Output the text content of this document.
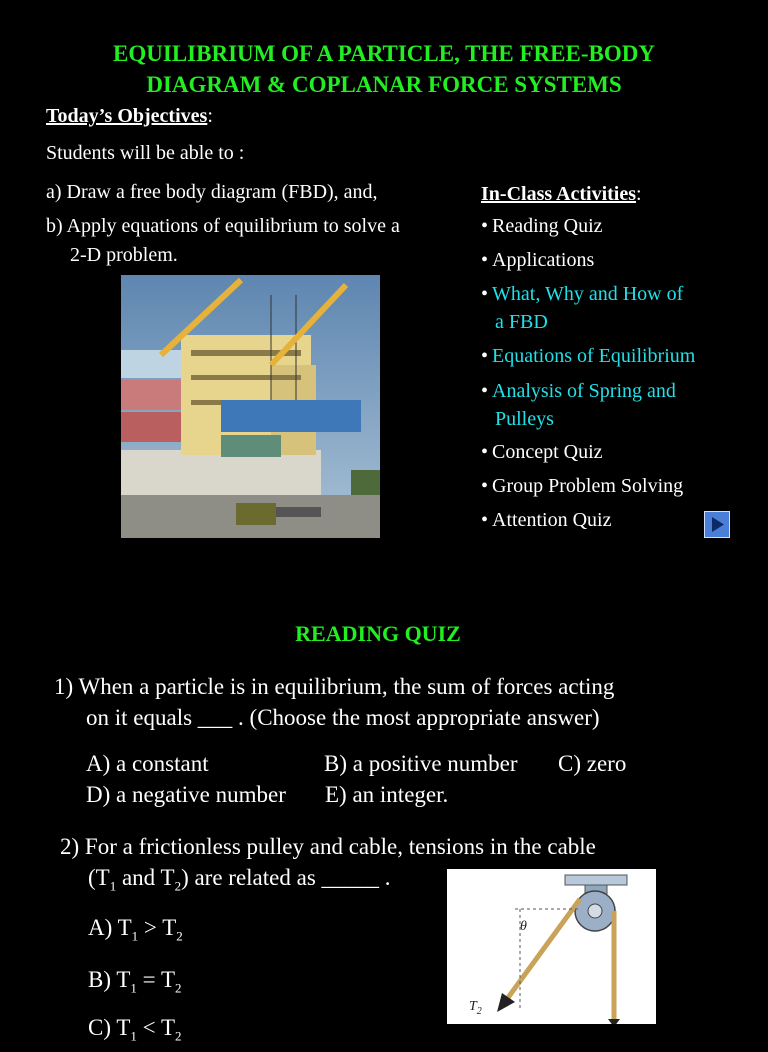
EQUILIBRIUM OF A PARTICLE, THE FREE-BODY
DIAGRAM & COPLANAR FORCE SYSTEMS
Today’s Objectives:
Students will be able to :
a) Draw a free body diagram (FBD), and,
b) Apply equations of equilibrium to solve a
2-D problem.
In-Class Activities:
• Reading Quiz
• Applications
• What, Why and How of
a FBD
• Equations of Equilibrium
• Analysis of Spring and
Pulleys
• Concept Quiz
• Group Problem Solving
• Attention Quiz
READING QUIZ
1) When a particle is in equilibrium, the sum of forces acting
on it equals ___ . (Choose the most appropriate answer)
A) a constant	B) a positive number C) zero
D) a negative number E) an integer.
2) For a frictionless pulley and cable, tensions in the cable
($T_1$ and $T_2$) are related as _____ .
A) $T_1 > T_2$
B) $T_1 = T_2$
C) $T_1 < T_2$
θ
$T_2$
